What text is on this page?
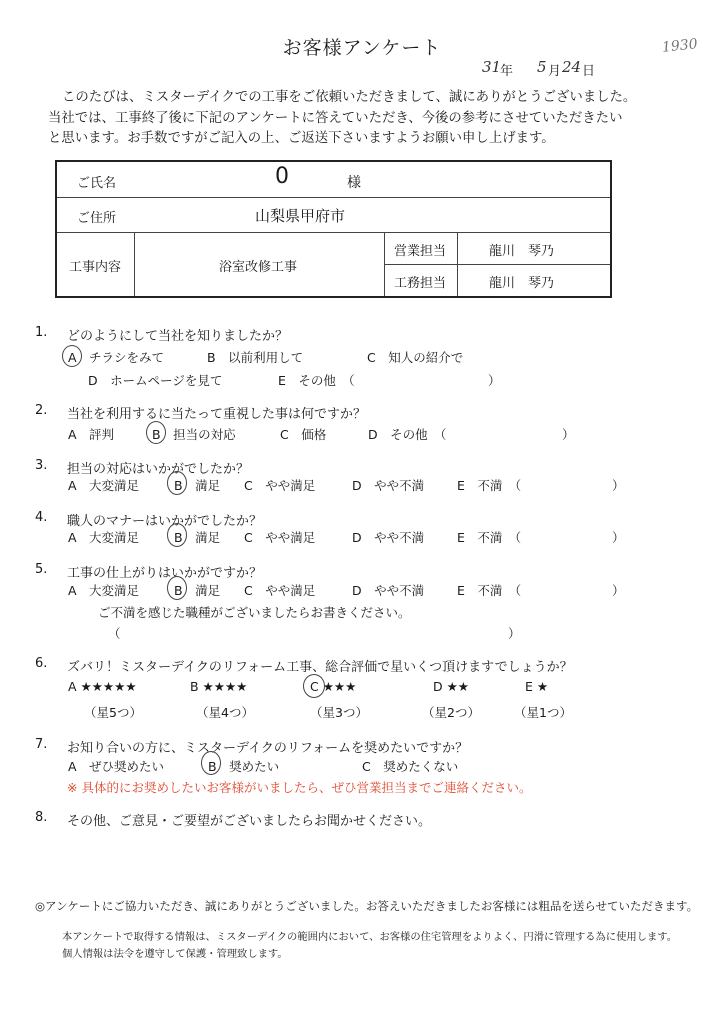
お客様アンケート	1930
31
年 5 月 24 日
このたびは、ミスターデイクでの工事をご依頼いただきまして、誠にありがとうございました。
当社では、工事終了後に下記のアンケートに答えていただき、今後の参考にさせていただきたい
と思います。お手数ですがご記入の上、ご返送下さいますようお願い申し上げます。
ご氏名	0	様
ご住所	山梨県甲府市
工事内容	浴室改修工事
営業担当	龍川　琴乃
工務担当	龍川　琴乃
1. どのようにして当社を知りましたか？
A　チラシをみて	B　以前利用して	C　知人の紹介で
D　ホームページを見て	E　その他　（	）
2. 当社を利用するに当たって重視した事は何ですか？
A　評判	B　担当の対応	C　価格	D　その他　（	）
3. 担当の対応はいかがでしたか？
A　大変満足	B　満足 C　やや満足	D　やや不満	E　不満　（	）
4. 職人のマナーはいかがでしたか？
A　大変満足	B　満足 C　やや満足	D　やや不満	E　不満　（	）
5. 工事の仕上がりはいかがですか？
A　大変満足	B　満足 C　やや満足	D　やや不満	E　不満　（	）
ご不満を感じた職種がございましたらお書きください。
（	）
6. ズバリ！ミスターデイクのリフォーム工事、総合評価で星いくつ頂けますでしょうか？
A ★★★★★	B ★★★★	C ★★★	D ★★	E ★
（星5つ）	（星4つ）	（星3つ）	（星2つ）	（星1つ）
7. お知り合いの方に、ミスターデイクのリフォームを奨めたいですか？
A　ぜひ奨めたい	B　奨めたい	C　奨めたくない
※ 具体的にお奨めしたいお客様がいましたら、ぜひ営業担当までご連絡ください。
8. その他、ご意見・ご要望がございましたらお聞かせください。
◎アンケートにご協力いただき、誠にありがとうございました。お答えいただきましたお客様には粗品を送らせていただきます。
本アンケートで取得する情報は、ミスターデイクの範囲内において、お客様の住宅管理をよりよく、円滑に管理する為に使用します。
個人情報は法令を遵守して保護・管理致します。
